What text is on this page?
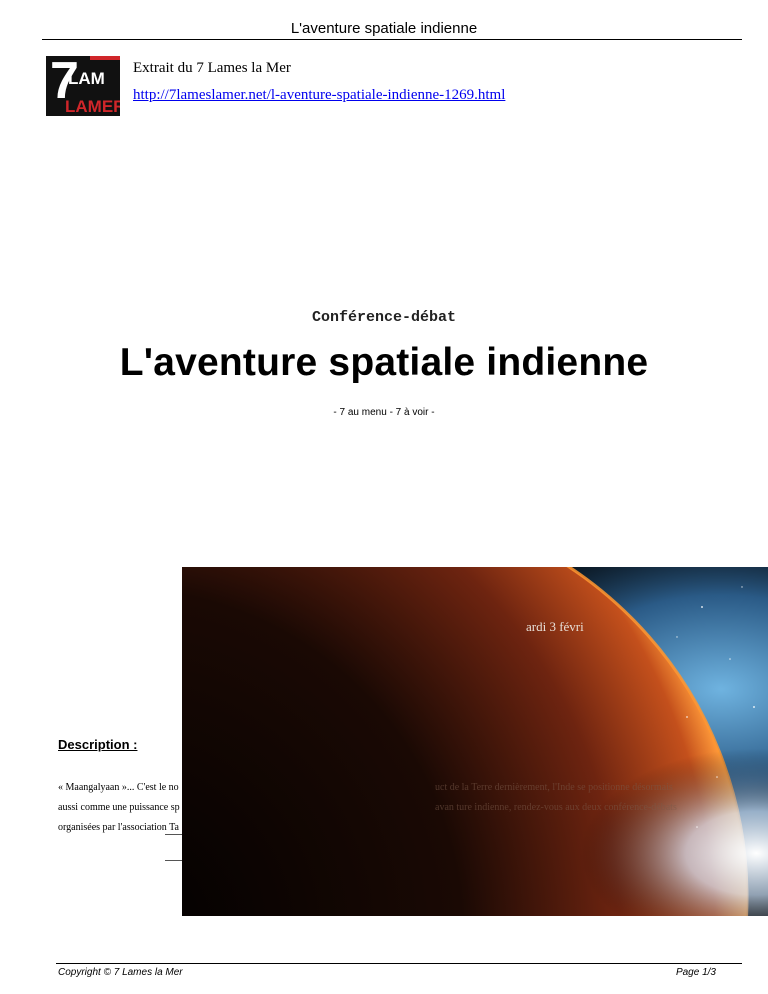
L'aventure spatiale indienne
7
LAM
LAMER
Extrait du 7 Lames la Mer
http://7lameslamer.net/l-aventure-spatiale-indienne-1269.html
Conférence-débat
L'aventure spatiale indienne
- 7 au menu - 7 à voir -
Description :
« Maangalyaan »... C'est le no
aussi comme une puissance sp
organisées par l'association Ta
ardi 3 févri
uct de la Terre dernièrement, l'Inde se positionne désormais
avan ture indienne, rendez-vous aux deux conférence-débats
Copyright © 7 Lames la Mer	Page 1/3
